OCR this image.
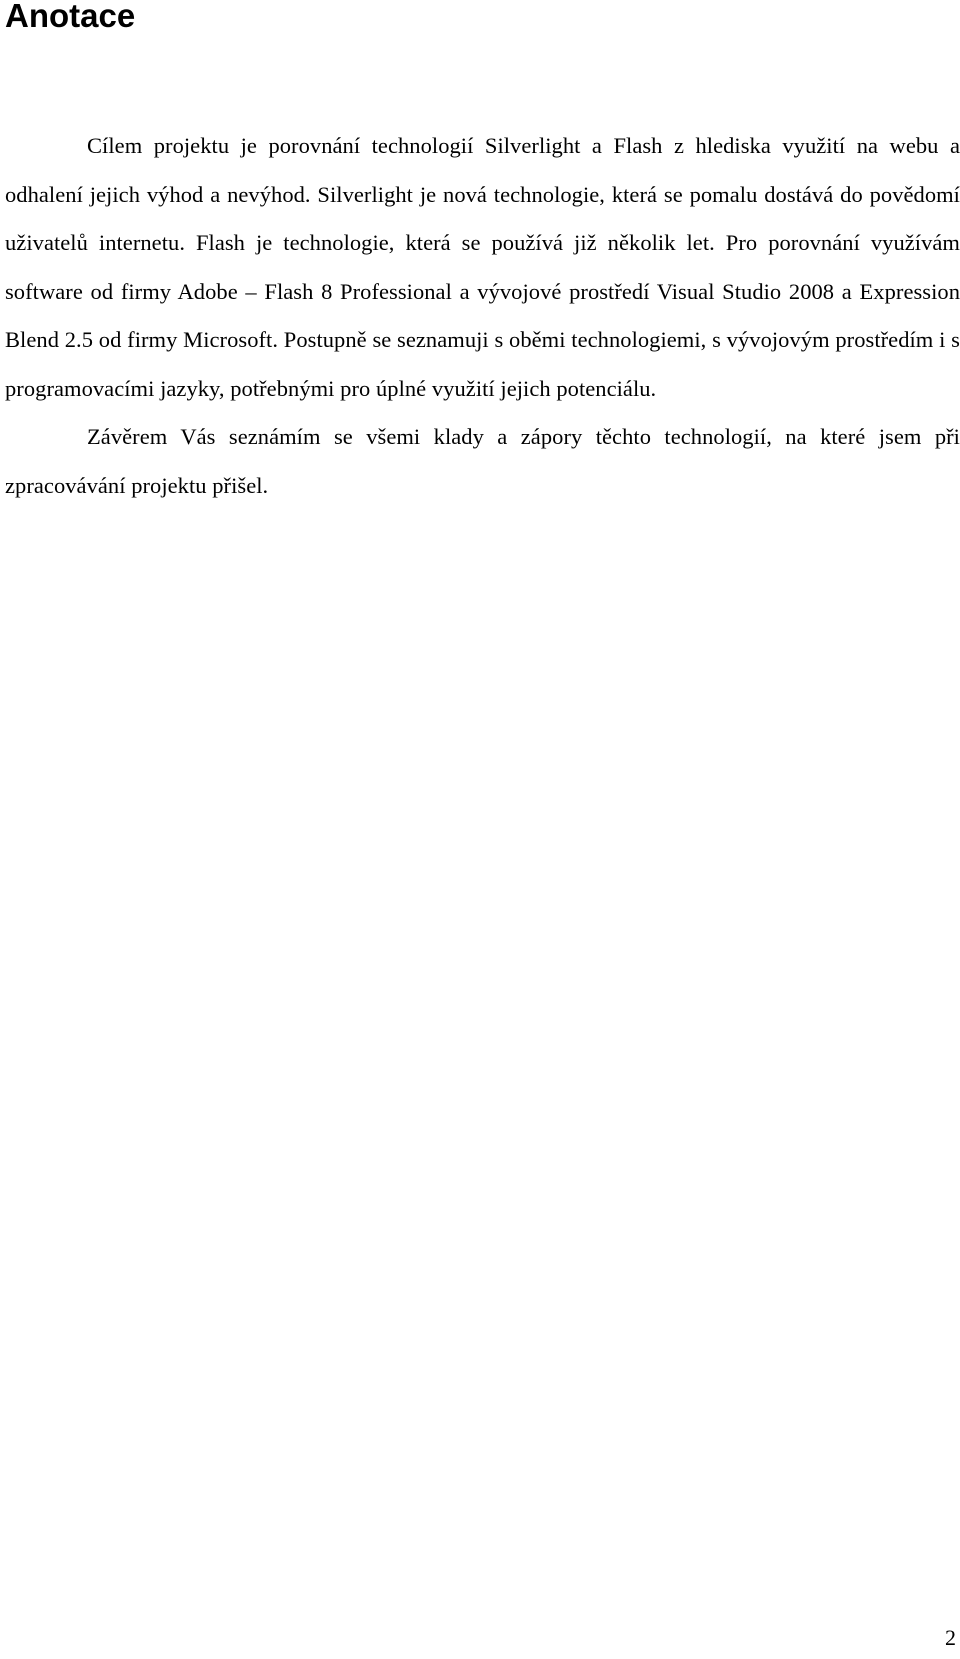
Anotace

Cílem projektu je porovnání technologií Silverlight a Flash z hlediska využití na webu a odhalení jejich výhod a nevýhod. Silverlight je nová technologie, která se pomalu dostává do povědomí uživatelů internetu. Flash je technologie, která se používá již několik let. Pro porovnání využívám software od firmy Adobe – Flash 8 Professional a vývojové prostředí Visual Studio 2008 a Expression Blend 2.5 od firmy Microsoft. Postupně se seznamuji s oběmi technologiemi, s vývojovým prostředím i s programovacími jazyky, potřebnými pro úplné využití jejich potenciálu.

Závěrem Vás seznámím se všemi klady a zápory těchto technologií, na které jsem při zpracovávání projektu přišel.

2
